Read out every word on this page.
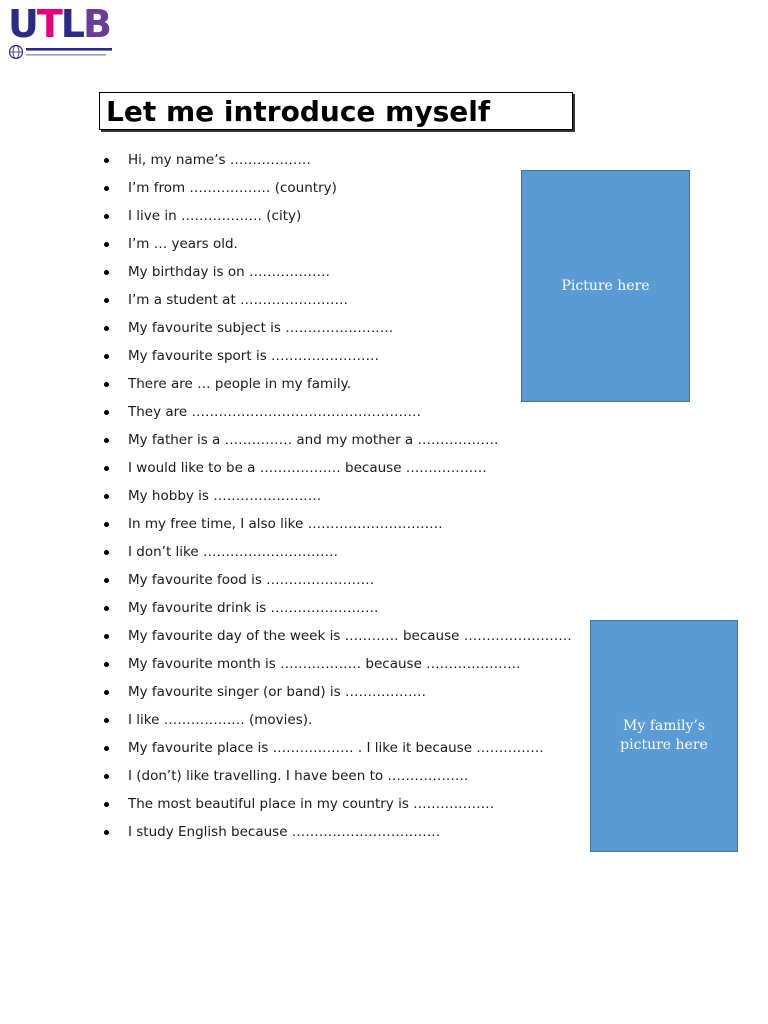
UTLB
Let me introduce myself
Hi, my name’s ………………
I’m from ……………… (country)
I live in ……………… (city)
I’m … years old.
My birthday is on ………………
I’m a student at ……………………
My favourite subject is ……………………
My favourite sport is ……………………
There are … people in my family.
They are ……………………………………………
My father is a …………… and my mother a ………………
I would like to be a ……………… because ………………
My hobby is ……………………
In my free time, I also like …………………………
I don’t like …………………………
My favourite food is ……………………
My favourite drink is ……………………
My favourite day of the week is ………… because ……………………
My favourite month is ……………… because …………………
My favourite singer (or band) is ………………
I like ……………… (movies).
My favourite place is ……………… . I like it because ……………
I (don’t) like travelling. I have been to ………………
The most beautiful place in my country is ………………
I study English because ……………………………
Picture here
My family’s picture here
